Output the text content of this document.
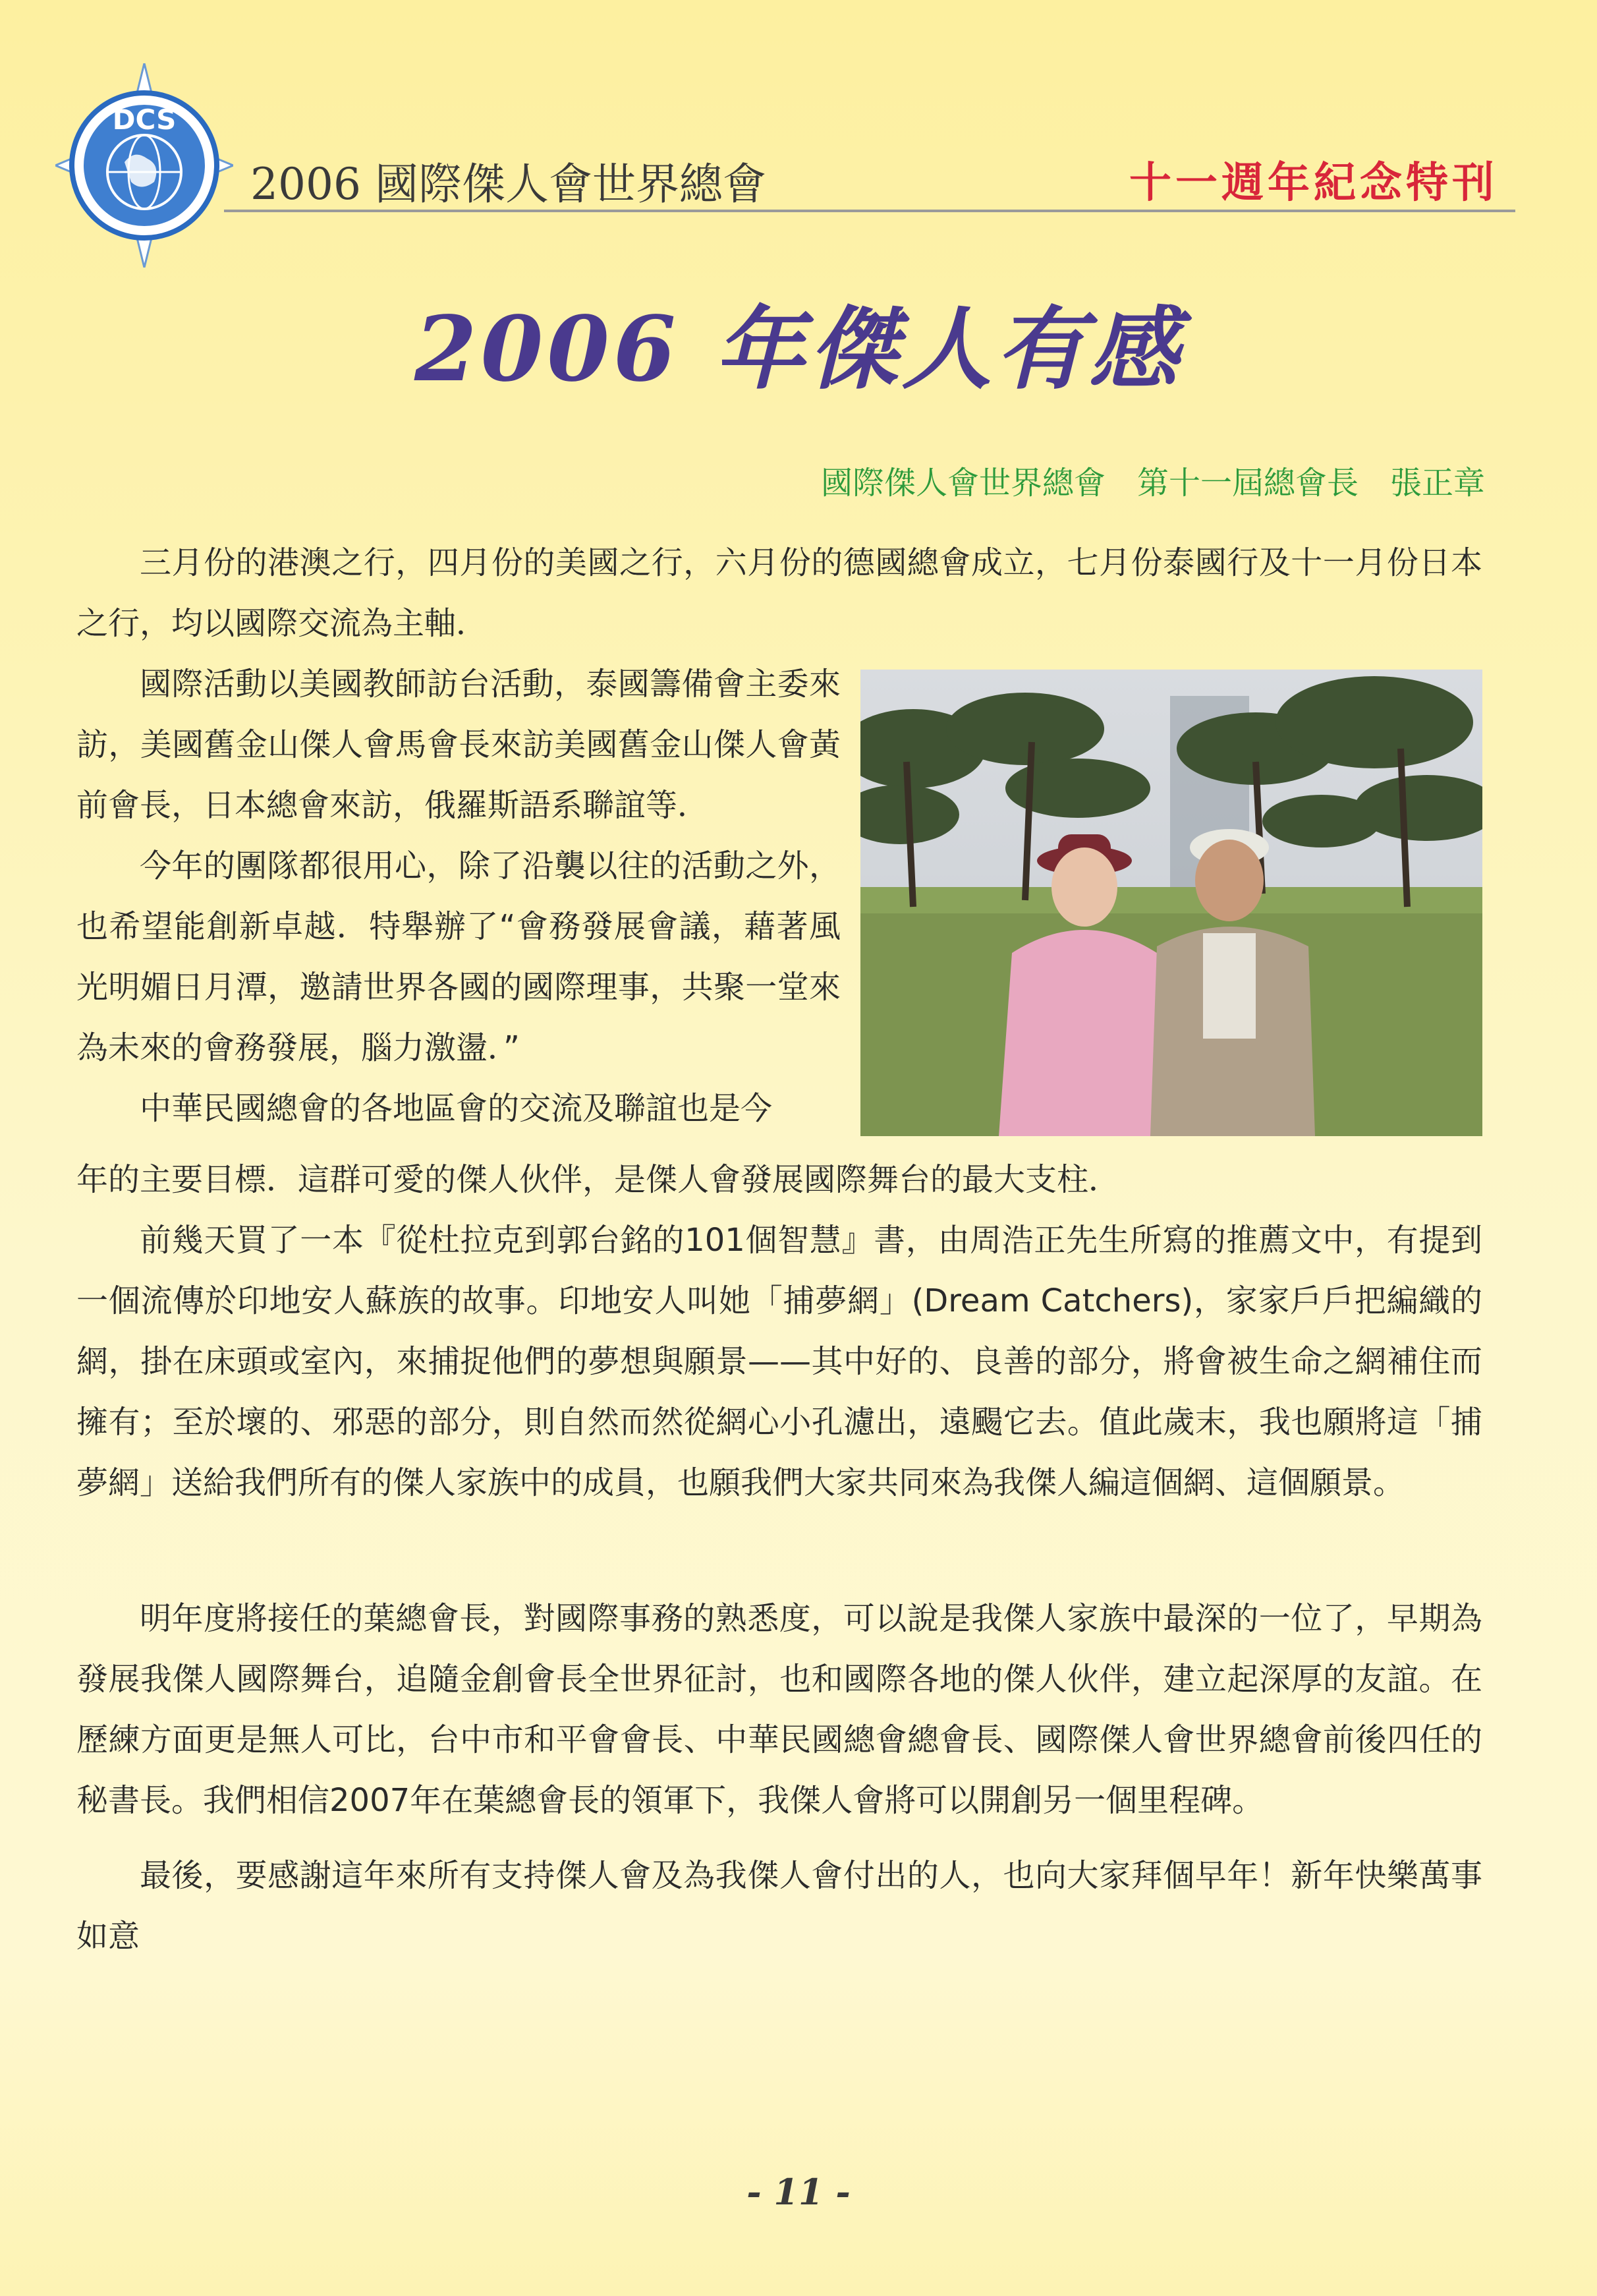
DCS
2006 國際傑人會世界總會	十一週年紀念特刊
2006 年傑人有感
國際傑人會世界總會 第十一屆總會長 張正章
三月份的港澳之行，四月份的美國之行，六月份的德國總會成立，七月份泰國行及十一月份日本之行，均以國際交流為主軸．
國際活動以美國教師訪台活動，泰國籌備會主委來訪，美國舊金山傑人會馬會長來訪美國舊金山傑人會黃前會長，日本總會來訪，俄羅斯語系聯誼等．
今年的團隊都很用心，除了沿襲以往的活動之外，也希望能創新卓越．特舉辦了“會務發展會議，藉著風光明媚日月潭，邀請世界各國的國際理事，共聚一堂來為未來的會務發展，腦力激盪．”
中華民國總會的各地區會的交流及聯誼也是今
年的主要目標．這群可愛的傑人伙伴，是傑人會發展國際舞台的最大支柱．
前幾天買了一本『從杜拉克到郭台銘的101個智慧』書，由周浩正先生所寫的推薦文中，有提到一個流傳於印地安人蘇族的故事。印地安人叫她「捕夢網」(Dream Catchers)，家家戶戶把編織的網，掛在床頭或室內，來捕捉他們的夢想與願景——其中好的、良善的部分，將會被生命之網補住而擁有；至於壞的、邪惡的部分，則自然而然從網心小孔濾出，遠颺它去。值此歲末，我也願將這「捕夢網」送給我們所有的傑人家族中的成員，也願我們大家共同來為我傑人編這個網、這個願景。
明年度將接任的葉總會長，對國際事務的熟悉度，可以說是我傑人家族中最深的一位了，早期為發展我傑人國際舞台，追隨金創會長全世界征討，也和國際各地的傑人伙伴，建立起深厚的友誼。在歷練方面更是無人可比，台中市和平會會長、中華民國總會總會長、國際傑人會世界總會前後四任的秘書長。我們相信2007年在葉總會長的領軍下，我傑人會將可以開創另一個里程碑。
最後，要感謝這年來所有支持傑人會及為我傑人會付出的人，也向大家拜個早年！新年快樂萬事如意
- 11 -
